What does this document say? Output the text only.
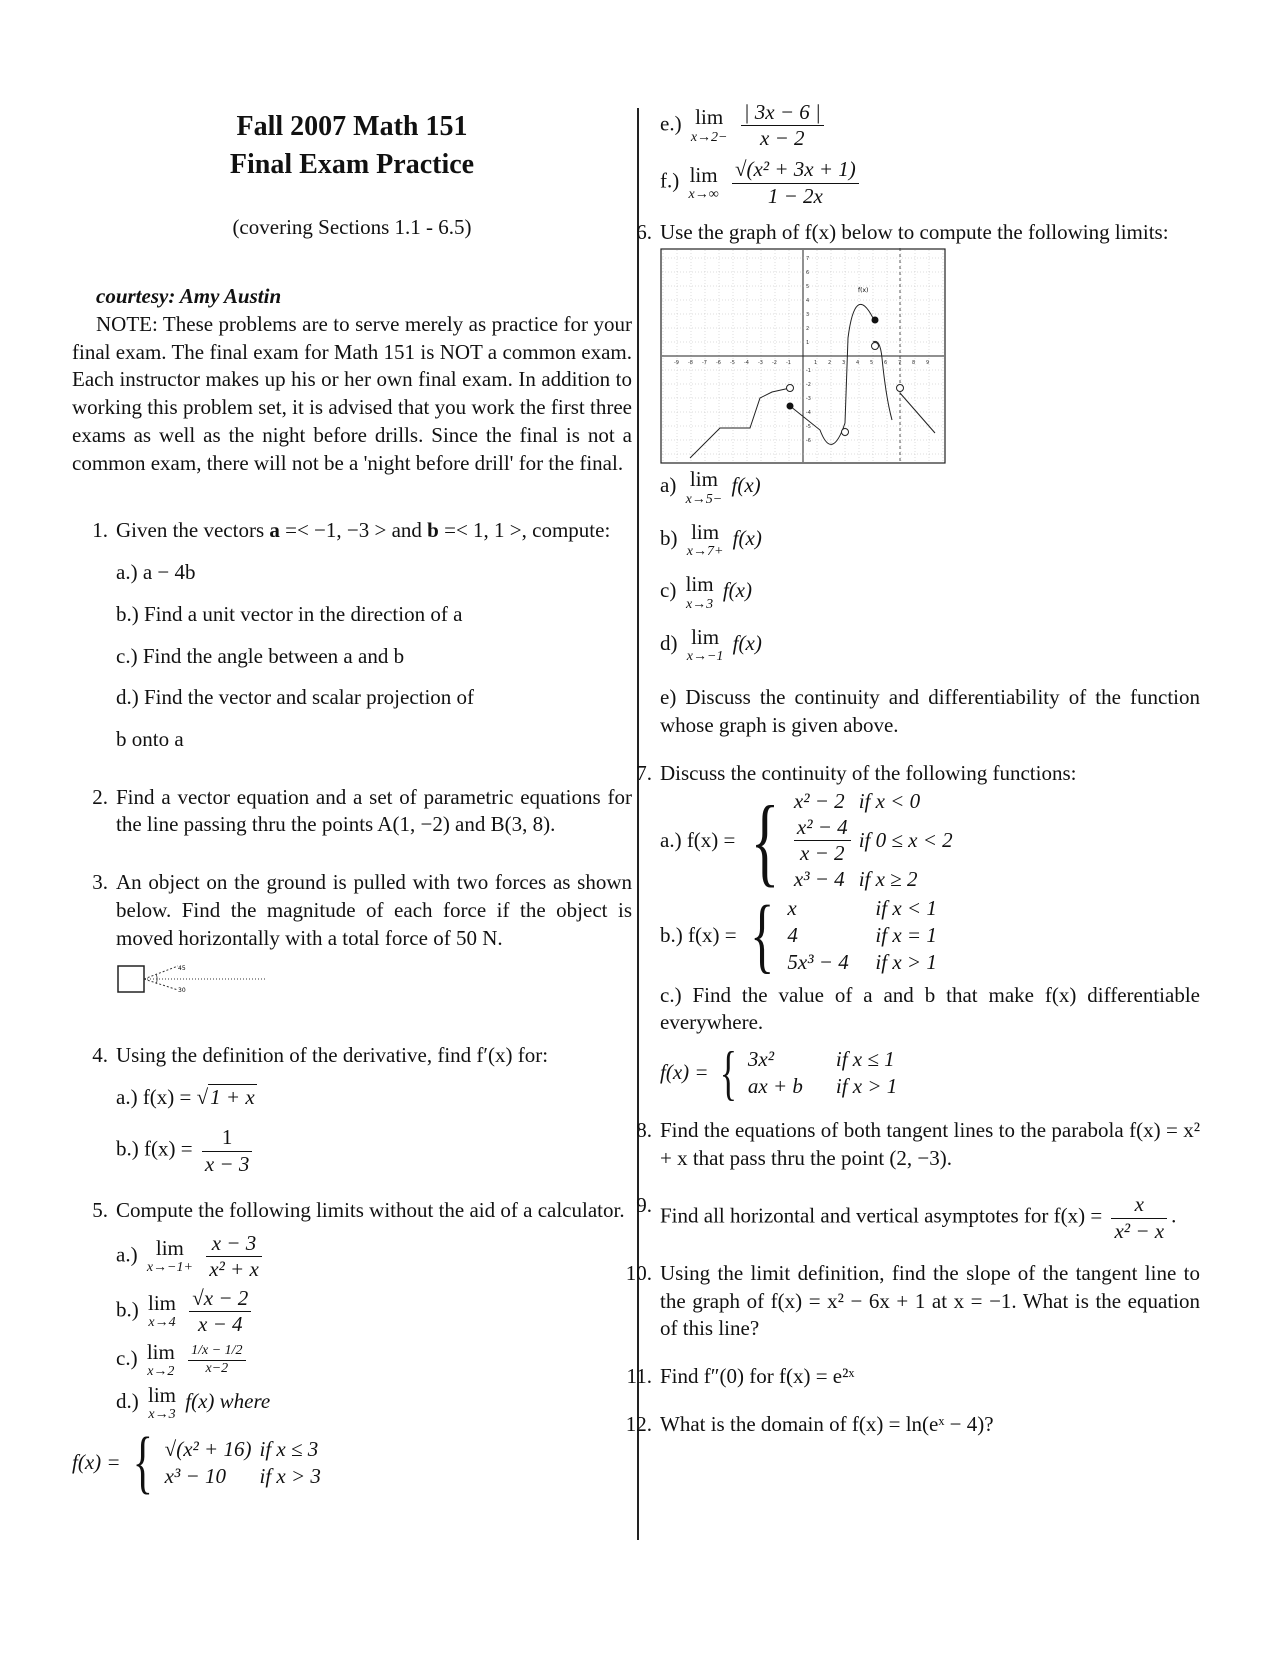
Fall 2007 Math 151
Final Exam Practice
(covering Sections 1.1 - 6.5)
courtesy: Amy Austin
NOTE: These problems are to serve merely as practice for your final exam. The final exam for Math 151 is NOT a common exam. Each instructor makes up his or her own final exam. In addition to working this problem set, it is advised that you work the first three exams as well as the night before drills. Since the final is not a common exam, there will not be a 'night before drill' for the final.
1. Given the vectors a =< −1, −3 > and b =< 1, 1 >, compute:
a.) a − 4b
b.) Find a unit vector in the direction of a
c.) Find the angle between a and b
d.) Find the vector and scalar projection of
b onto a
2. Find a vector equation and a set of parametric equations for the line passing thru the points A(1, −2) and B(3, 8).
3. An object on the ground is pulled with two forces as shown below. Find the magnitude of each force if the object is moved horizontally with a total force of 50 N.
45
30
4. Using the definition of the derivative, find f′(x) for:
a.) f(x) = √1 + x
b.) $f(x) = \frac{1}{x - 3}$
5. Compute the following limits without the aid of a calculator.
a.) lim
x→−1+
$\frac{x - 3}{\text{x² + x}}$
b.) lim
x→4
$\frac{√x - 2}{x - 4}$
c.) lim
x→2
$\frac{1/x - 1/2}{x-2}$
d.) lim
x→3
f(x) where
f(x) = { √(x² + 16)	if x ≤ 3
x³ − 10	if x > 3
e.) lim
x→2−
$\frac{| 3x - 6 |}{x - 2}$
f.) lim
x→∞
$\frac{\text{√(x² + 3x + 1)}}{1 - 2x}$
6. Use the graph of f(x) below to compute the following limits:
-9 -8 -7 -6 -5 -4 -3 -2 -1	1 2 3 4 5 6 7 8 9
7
6
5
4
3
2
1
-1
-2
-3
-4
-5
-6
f(x)
a) lim
x→5−
f(x)
b) lim
x→7+
f(x)
c) lim
x→3
f(x)
d) lim
x→−1
f(x)
e) Discuss the continuity and differentiability of the function whose graph is given above.
7. Discuss the continuity of the following functions:
a.) f(x) = { x² − 2	if x < 0

$\frac{\text{x² − 4}}{x - 2}$	if 0 ≤ x < 2
x³ − 4	if x ≥ 2
b.) f(x) = { x	if x < 1
4	if x = 1
5x³ − 4	if x > 1
c.) Find the value of a and b that make f(x) differentiable everywhere.
f(x) = { 3x²	if x ≤ 1
ax + b	if x > 1
8. Find the equations of both tangent lines to the parabola f(x) = x² + x that pass thru the point (2, −3).
9. Find all horizontal and vertical asymptotes for $f(x) = \frac{x}{\text{x² − x}}$ .
10. Using the limit definition, find the slope of the tangent line to the graph of f(x) = x² − 6x + 1 at x = −1. What is the equation of this line?
11. Find f″(0) for f(x) = e²ˣ
12. What is the domain of f(x) = ln(eˣ − 4)?
